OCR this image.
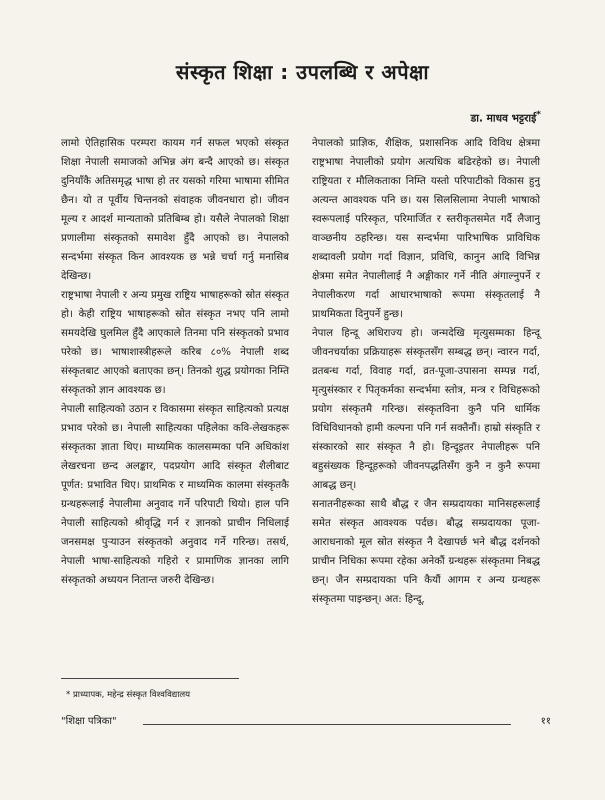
संस्कृत शिक्षा : उपलब्धि र अपेक्षा
डा. माधव भट्टराई*

लामो ऐतिहासिक परम्परा कायम गर्न सफल भएको संस्कृत शिक्षा नेपाली समाजको अभिन्न अंग बन्दै आएको छ। संस्कृत दुनियाँकै अतिसमृद्ध भाषा हो तर यसको गरिमा भाषामा सीमित छैन। यो त पूर्वीय चिन्तनको संवाहक जीवनधारा हो। जीवन मूल्य र आदर्श मान्यताको प्रतिबिम्ब हो। यसैले नेपालको शिक्षा प्रणालीमा संस्कृतको समावेश हुँदै आएको छ। नेपालको सन्दर्भमा संस्कृत किन आवश्यक छ भन्ने चर्चा गर्नु मनासिब देखिन्छ।

राष्ट्रभाषा नेपाली र अन्य प्रमुख राष्ट्रिय भाषाहरूको स्रोत संस्कृत हो। केही राष्ट्रिय भाषाहरूको स्रोत संस्कृत नभए पनि लामो समयदेखि घुलमिल हुँदै आएकाले तिनमा पनि संस्कृतको प्रभाव परेको छ। भाषाशास्त्रीहरूले करिब ८०% नेपाली शब्द संस्कृतबाट आएको बताएका छन्। तिनको शुद्ध प्रयोगका निम्ति संस्कृतको ज्ञान आवश्यक छ।

नेपाली साहित्यको उठान र विकासमा संस्कृत साहित्यको प्रत्यक्ष प्रभाव परेको छ। नेपाली साहित्यका पहिलेका कवि-लेखकहरू संस्कृतका ज्ञाता थिए। माध्यमिक कालसम्मका पनि अधिकांश लेखरचना छन्द अलङ्कार, पदप्रयोग आदि संस्कृत शैलीबाट पूर्णत: प्रभावित थिए। प्राथमिक र माध्यमिक कालमा संस्कृतकै ग्रन्थहरूलाई नेपालीमा अनुवाद गर्ने परिपाटी थियो। हाल पनि नेपाली साहित्यको श्रीवृद्धि गर्न र ज्ञानको प्राचीन निधिलाई जनसमक्ष पुऱ्याउन संस्कृतको अनुवाद गर्ने गरिन्छ। तसर्थ, नेपाली भाषा-साहित्यको गहिरो र प्रामाणिक ज्ञानका लागि संस्कृतको अध्ययन नितान्त जरुरी देखिन्छ।

नेपालको प्राज्ञिक, शैक्षिक, प्रशासनिक आदि विविध क्षेत्रमा राष्ट्रभाषा नेपालीको प्रयोग अत्यधिक बढिरहेको छ। नेपाली राष्ट्रियता र मौलिकताका निम्ति यस्तो परिपाटीको विकास हुनु अत्यन्त आवश्यक पनि छ। यस सिलसिलामा नेपाली भाषाको स्वरूपलाई परिस्कृत, परिमार्जित र स्तरीकृतसमेत गर्दै लैजानु वाञ्छनीय ठहरिन्छ। यस सन्दर्भमा पारिभाषिक प्राविधिक शब्दावली प्रयोग गर्दा विज्ञान, प्रविधि, कानुन आदि विभिन्न क्षेत्रमा समेत नेपालीलाई नै अङ्गीकार गर्ने नीति अंगाल्नुपर्ने र नेपालीकरण गर्दा आधारभाषाको रूपमा संस्कृतलाई नै प्राथमिकता दिनुपर्ने हुन्छ।

नेपाल हिन्दू अधिराज्य हो। जन्मदेखि मृत्युसम्मका हिन्दू जीवनचर्याका प्रक्रियाहरू संस्कृतसँग सम्बद्ध छन्। न्वारन गर्दा, व्रतबन्ध गर्दा, विवाह गर्दा, व्रत-पूजा-उपासना सम्पन्न गर्दा, मृत्युसंस्कार र पितृकर्मका सन्दर्भमा स्तोत्र, मन्त्र र विधिहरूको प्रयोग संस्कृतमै गरिन्छ। संस्कृतविना कुनै पनि धार्मिक विधिविधानको हामी कल्पना पनि गर्न सक्तैनौं। हाम्रो संस्कृति र संस्कारको सार संस्कृत नै हो। हिन्दूइतर नेपालीहरू पनि बहुसंख्यक हिन्दूहरूको जीवनपद्धतिसँग कुनै न कुनै रूपमा आबद्ध छन्।

सनातनीहरूका साथै बौद्ध र जैन सम्प्रदायका मानिसहरूलाई समेत संस्कृत आवश्यक पर्दछ। बौद्ध सम्प्रदायका पूजा-आराधनाको मूल स्रोत संस्कृत नै देखापर्छ भने बौद्ध दर्शनको प्राचीन निधिका रूपमा रहेका अनेकौं ग्रन्थहरू संस्कृतमा निबद्ध छन्। जैन सम्प्रदायका पनि कैयौं आगम र अन्य ग्रन्थहरू संस्कृतमा पाइन्छन्। अत: हिन्दू,

* प्राध्यापक, महेन्द्र संस्कृत विश्वविद्यालय
"शिक्षा पत्रिका"	११
